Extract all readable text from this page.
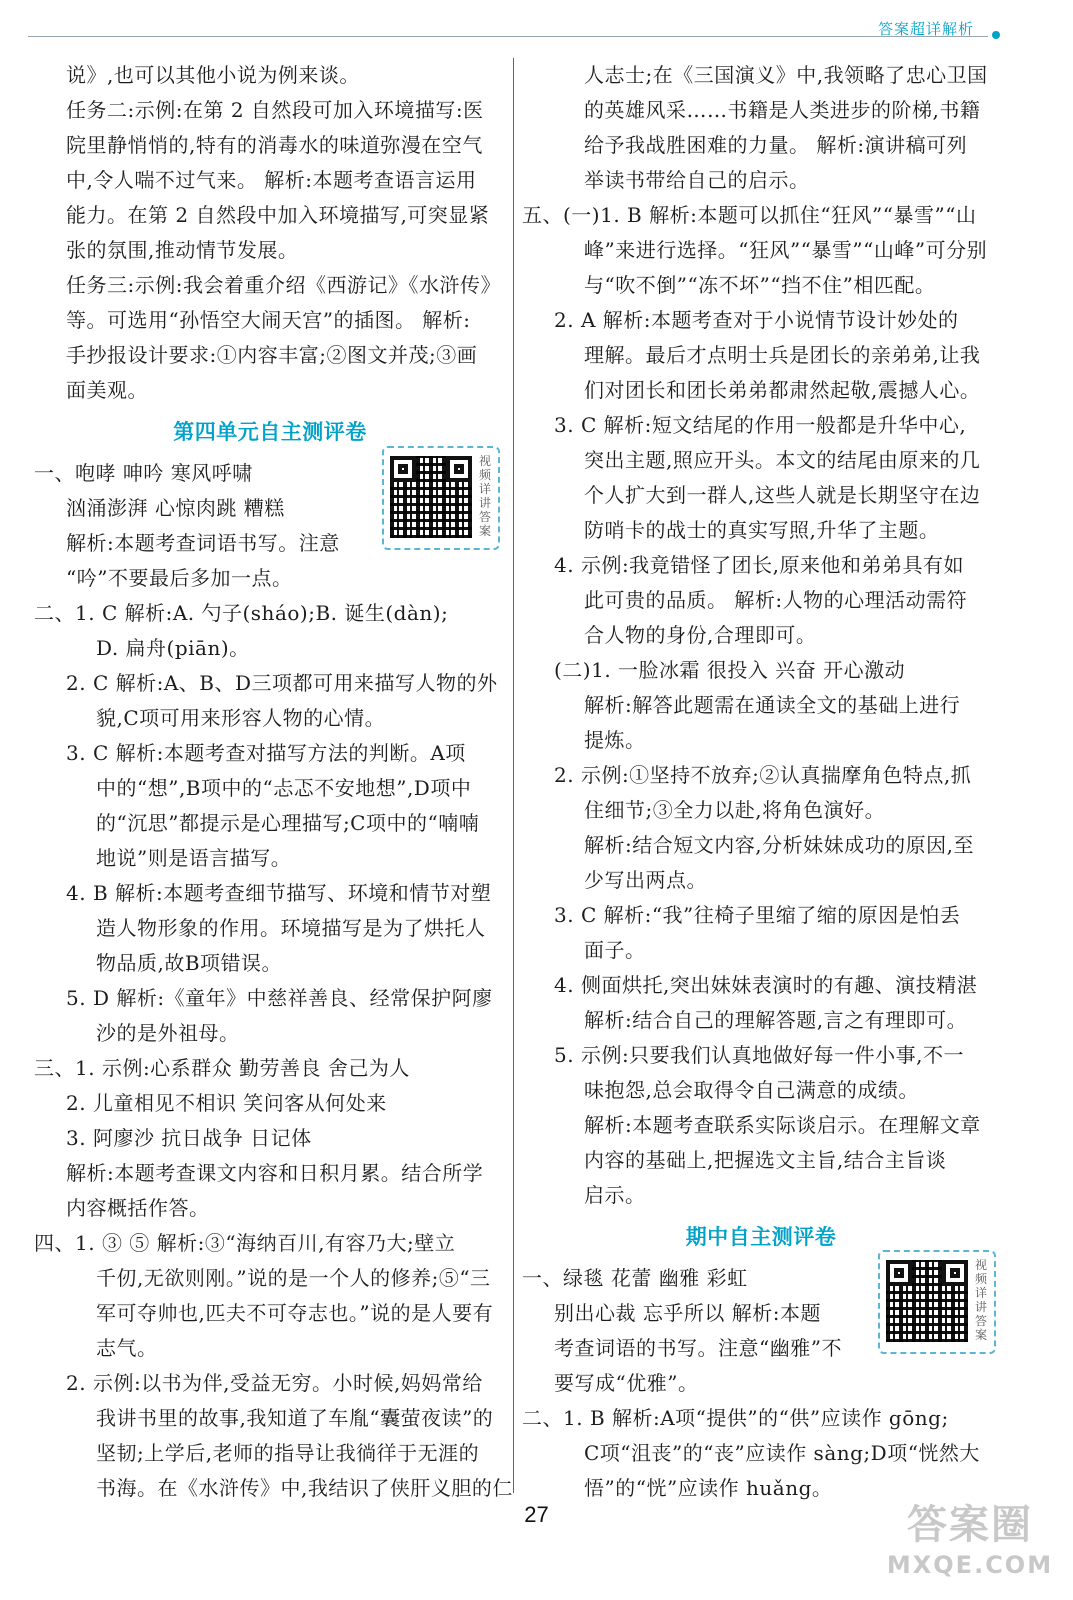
答案超详解析

说》,也可以其他小说为例来谈。

任务二:示例:在第 2 自然段可加入环境描写:医

院里静悄悄的,特有的消毒水的味道弥漫在空气

中,令人喘不过气来。 解析:本题考查语言运用

能力。在第 2 自然段中加入环境描写,可突显紧

张的氛围,推动情节发展。

任务三:示例:我会着重介绍《西游记》《水浒传》

等。可选用“孙悟空大闹天宫”的插图。 解析:

手抄报设计要求:①内容丰富;②图文并茂;③画

面美观。

第四单元自主测评卷

一、咆哮 呻吟 寒风呼啸

汹涌澎湃 心惊肉跳 糟糕

解析:本题考查词语书写。注意

“吟”不要最后多加一点。

二、1. C 解析:A. 勺子(sháo);B. 诞生(dàn);

D. 扁舟(piān)。

2. C 解析:A、B、D三项都可用来描写人物的外

貌,C项可用来形容人物的心情。

3. C 解析:本题考查对描写方法的判断。A项

中的“想”,B项中的“忐忑不安地想”,D项中

的“沉思”都提示是心理描写;C项中的“喃喃

地说”则是语言描写。

4. B 解析:本题考查细节描写、环境和情节对塑

造人物形象的作用。环境描写是为了烘托人

物品质,故B项错误。

5. D 解析:《童年》中慈祥善良、经常保护阿廖

沙的是外祖母。

三、1. 示例:心系群众 勤劳善良 舍己为人

2. 儿童相见不相识 笑问客从何处来

3. 阿廖沙 抗日战争 日记体

解析:本题考查课文内容和日积月累。结合所学

内容概括作答。

四、1. ③ ⑤ 解析:③“海纳百川,有容乃大;壁立

千仞,无欲则刚。”说的是一个人的修养;⑤“三

军可夺帅也,匹夫不可夺志也。”说的是人要有

志气。

2. 示例:以书为伴,受益无穷。小时候,妈妈常给

我讲书里的故事,我知道了车胤“囊萤夜读”的

坚韧;上学后,老师的指导让我徜徉于无涯的

书海。在《水浒传》中,我结识了侠肝义胆的仁

人志士;在《三国演义》中,我领略了忠心卫国

的英雄风采……书籍是人类进步的阶梯,书籍

给予我战胜困难的力量。 解析:演讲稿可列

举读书带给自己的启示。

五、(一)1. B 解析:本题可以抓住“狂风”“暴雪”“山

峰”来进行选择。“狂风”“暴雪”“山峰”可分别

与“吹不倒”“冻不坏”“挡不住”相匹配。

2. A 解析:本题考查对于小说情节设计妙处的

理解。最后才点明士兵是团长的亲弟弟,让我

们对团长和团长弟弟都肃然起敬,震撼人心。

3. C 解析:短文结尾的作用一般都是升华中心,

突出主题,照应开头。本文的结尾由原来的几

个人扩大到一群人,这些人就是长期坚守在边

防哨卡的战士的真实写照,升华了主题。

4. 示例:我竟错怪了团长,原来他和弟弟具有如

此可贵的品质。 解析:人物的心理活动需符

合人物的身份,合理即可。

(二)1. 一脸冰霜 很投入 兴奋 开心激动

解析:解答此题需在通读全文的基础上进行

提炼。

2. 示例:①坚持不放弃;②认真揣摩角色特点,抓

住细节;③全力以赴,将角色演好。

解析:结合短文内容,分析妹妹成功的原因,至

少写出两点。

3. C 解析:“我”往椅子里缩了缩的原因是怕丢

面子。

4. 侧面烘托,突出妹妹表演时的有趣、演技精湛

解析:结合自己的理解答题,言之有理即可。

5. 示例:只要我们认真地做好每一件小事,不一

味抱怨,总会取得令自己满意的成绩。

解析:本题考查联系实际谈启示。在理解文章

内容的基础上,把握选文主旨,结合主旨谈

启示。

期中自主测评卷

一、绿毯 花蕾 幽雅 彩虹

别出心裁 忘乎所以 解析:本题

考查词语的书写。注意“幽雅”不

要写成“优雅”。

二、1. B 解析:A项“提供”的“供”应读作 gōng;

C项“沮丧”的“丧”应读作 sàng;D项“恍然大

悟”的“恍”应读作 huǎng。

视频详讲答案
视频详讲答案
27	答案圈
MXQE.COM
